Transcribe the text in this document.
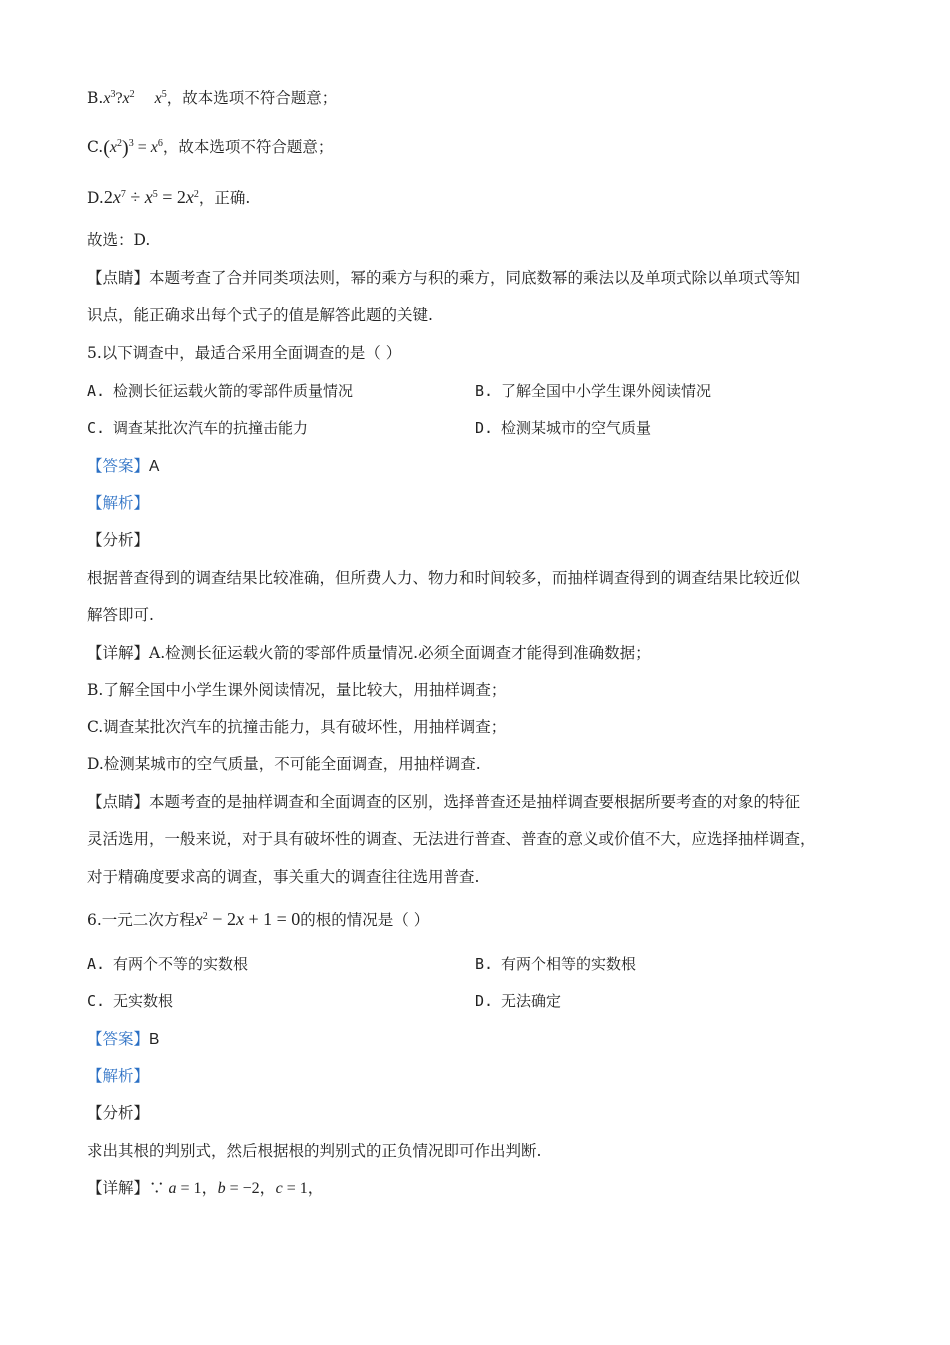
$B.x^3?x^2$     $x^5$，故本选项不符合题意；
$C.(x^2)^3 = x^6$，故本选项不符合题意；
$D.2x^7 \div x^5 = 2x^2$，正确.
故选：D.
【点睛】本题考查了合并同类项法则，幂的乘方与积的乘方，同底数幂的乘法以及单项式除以单项式等知
识点，能正确求出每个式子的值是解答此题的关键.
5.以下调查中，最适合采用全面调查的是（ ）
A. 检测长征运载火箭的零部件质量情况	B. 了解全国中小学生课外阅读情况
C. 调查某批次汽车的抗撞击能力	D. 检测某城市的空气质量
【答案】A
【解析】
【分析】
根据普查得到的调查结果比较准确，但所费人力、物力和时间较多，而抽样调查得到的调查结果比较近似
解答即可.
【详解】A.检测长征运载火箭的零部件质量情况.必须全面调查才能得到准确数据；
B.了解全国中小学生课外阅读情况，量比较大，用抽样调查；
C.调查某批次汽车的抗撞击能力，具有破坏性，用抽样调查；
D.检测某城市的空气质量，不可能全面调查，用抽样调查.
【点睛】本题考查的是抽样调查和全面调查的区别，选择普查还是抽样调查要根据所要考查的对象的特征
灵活选用，一般来说，对于具有破坏性的调查、无法进行普查、普查的意义或价值不大，应选择抽样调查，
对于精确度要求高的调查，事关重大的调查往往选用普查.
6.一元二次方程$x^2 - 2x + 1 = 0$的根的情况是（ ）
A. 有两个不等的实数根	B. 有两个相等的实数根
C. 无实数根	D. 无法确定
【答案】B
【解析】
【分析】
求出其根的判别式，然后根据根的判别式的正负情况即可作出判断.
【详解】∵ a = 1，b = −2，c = 1，
